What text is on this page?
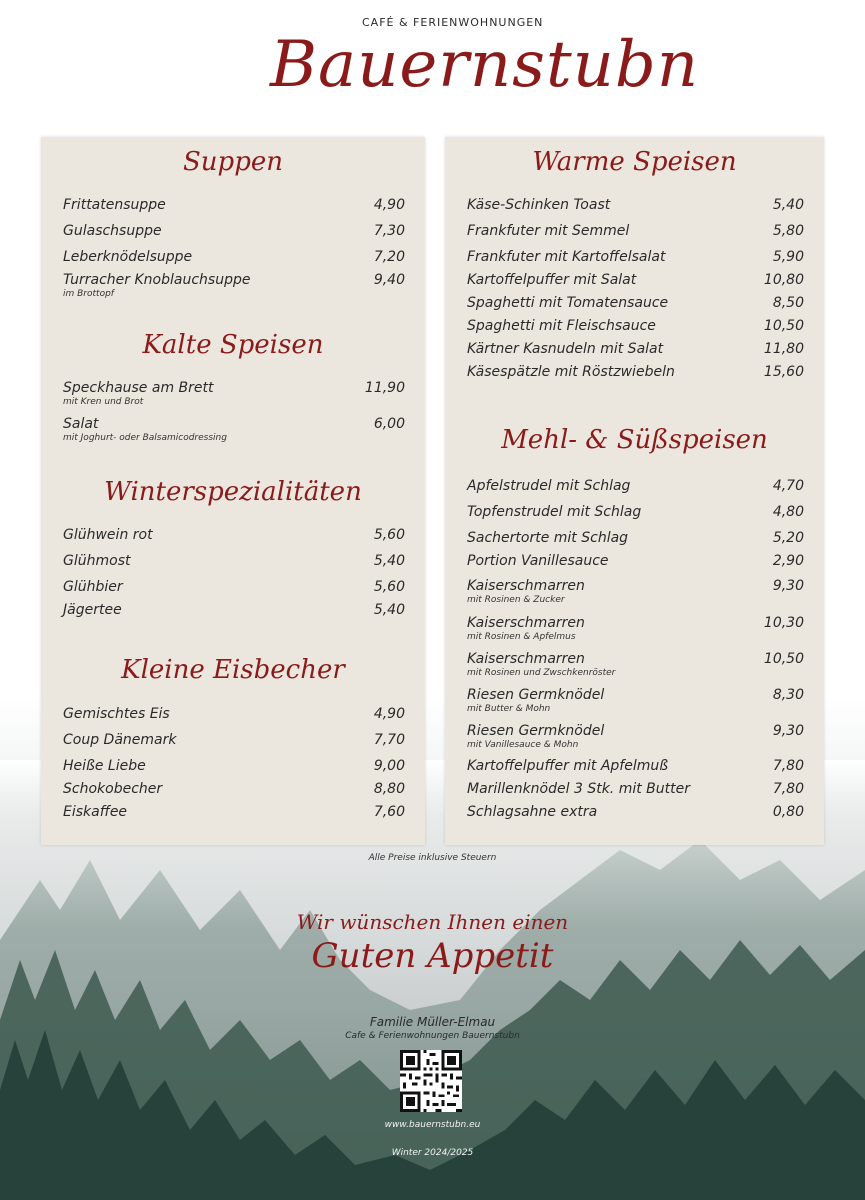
CAFÉ & FERIENWOHNUNGEN
Bauernstubn
Suppen
Frittatensuppe	4,90
Gulaschsuppe	7,30
Leberknödelsuppe	7,20
Turracher Knoblauchsuppe	9,40
im Brottopf
Kalte Speisen
Speckhause am Brett	11,90
mit Kren und Brot
Salat	6,00
mit Joghurt- oder Balsamicodressing
Winterspezialitäten
Glühwein rot	5,60
Glühmost	5,40
Glühbier	5,60
Jägertee	5,40
Kleine Eisbecher
Gemischtes Eis	4,90
Coup Dänemark	7,70
Heiße Liebe	9,00
Schokobecher	8,80
Eiskaffee	7,60
Warme Speisen
Käse-Schinken Toast	5,40
Frankfuter mit Semmel	5,80
Frankfuter mit Kartoffelsalat	5,90
Kartoffelpuffer mit Salat	10,80
Spaghetti mit Tomatensauce	8,50
Spaghetti mit Fleischsauce	10,50
Kärtner Kasnudeln mit Salat	11,80
Käsespätzle mit Röstzwiebeln	15,60
Mehl- & Süßspeisen
Apfelstrudel mit Schlag	4,70
Topfenstrudel mit Schlag	4,80
Sachertorte mit Schlag	5,20
Portion Vanillesauce	2,90
Kaiserschmarren	9,30
mit Rosinen & Zucker
Kaiserschmarren	10,30
mit Rosinen & Apfelmus
Kaiserschmarren	10,50
mit Rosinen und Zwschkenröster
Riesen Germknödel	8,30
mit Butter & Mohn
Riesen Germknödel	9,30
mit Vanillesauce & Mohn
Kartoffelpuffer mit Apfelmuß	7,80
Marillenknödel 3 Stk. mit Butter	7,80
Schlagsahne extra	0,80
Alle Preise inklusive Steuern
Wir wünschen Ihnen einen
Guten Appetit
Familie Müller-Elmau
Cafe & Ferienwohnungen Bauernstubn
www.bauernstubn.eu
Winter 2024/2025
